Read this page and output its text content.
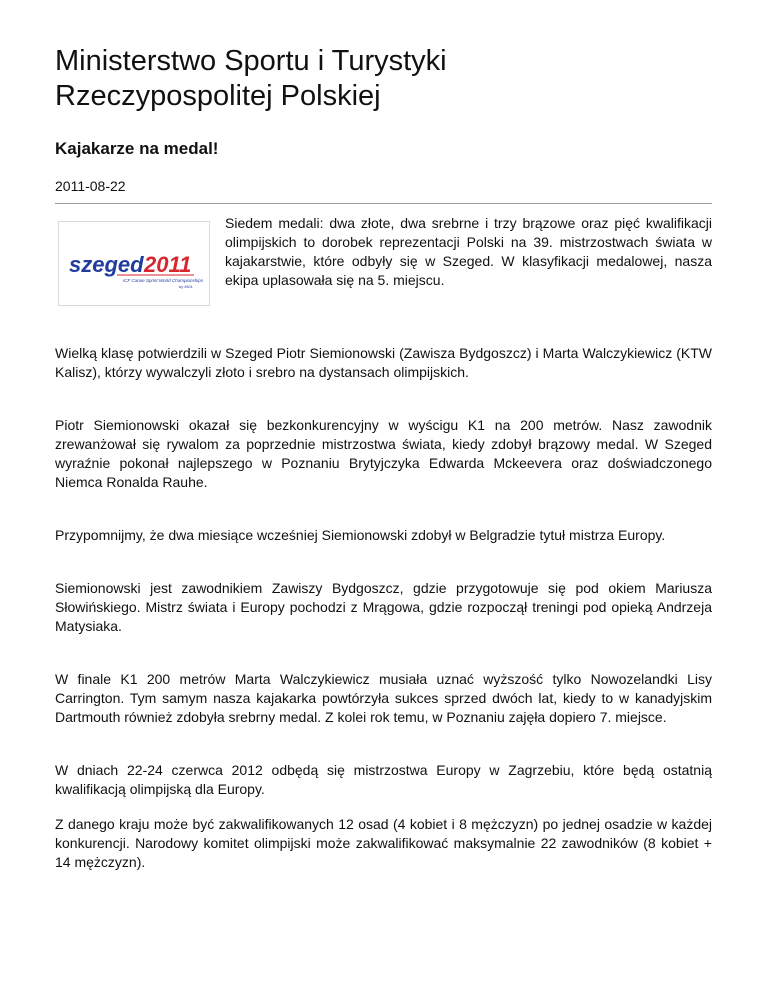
Ministerstwo Sportu i Turystyki
Rzeczypospolitej Polskiej
Kajakarze na medal!
2011-08-22
szeged 2011
ICF Canoe Sprint World Championships
by MOL

Siedem medali: dwa złote, dwa srebrne i trzy brązowe oraz pięć kwalifikacji olimpijskich to dorobek reprezentacji Polski na 39. mistrzostwach świata w kajakarstwie, które odbyły się w Szeged. W klasyfikacji medalowej, nasza ekipa uplasowała się na 5. miejscu.

Wielką klasę potwierdzili w Szeged Piotr Siemionowski (Zawisza Bydgoszcz) i Marta Walczykiewicz (KTW Kalisz), którzy wywalczyli złoto i srebro na dystansach olimpijskich.

Piotr Siemionowski okazał się bezkonkurencyjny w wyścigu K1 na 200 metrów. Nasz zawodnik zrewanżował się rywalom za poprzednie mistrzostwa świata, kiedy zdobył brązowy medal. W Szeged wyraźnie pokonał najlepszego w Poznaniu Brytyjczyka Edwarda Mckeevera oraz doświadczonego Niemca Ronalda Rauhe.

Przypomnijmy, że dwa miesiące wcześniej Siemionowski zdobył w Belgradzie tytuł mistrza Europy.

Siemionowski jest zawodnikiem Zawiszy Bydgoszcz, gdzie przygotowuje się pod okiem Mariusza Słowińskiego. Mistrz świata i Europy pochodzi z Mrągowa, gdzie rozpoczął treningi pod opieką Andrzeja Matysiaka.

W finale K1 200 metrów Marta Walczykiewicz musiała uznać wyższość tylko Nowozelandki Lisy Carrington. Tym samym nasza kajakarka powtórzyła sukces sprzed dwóch lat, kiedy to w kanadyjskim Dartmouth również zdobyła srebrny medal. Z kolei rok temu, w Poznaniu zajęła dopiero 7. miejsce.

W dniach 22-24 czerwca 2012 odbędą się mistrzostwa Europy w Zagrzebiu, które będą ostatnią kwalifikacją olimpijską dla Europy.

Z danego kraju może być zakwalifikowanych 12 osad (4 kobiet i 8 mężczyzn) po jednej osadzie w każdej konkurencji. Narodowy komitet olimpijski może zakwalifikować maksymalnie 22 zawodników (8 kobiet + 14 mężczyzn).
